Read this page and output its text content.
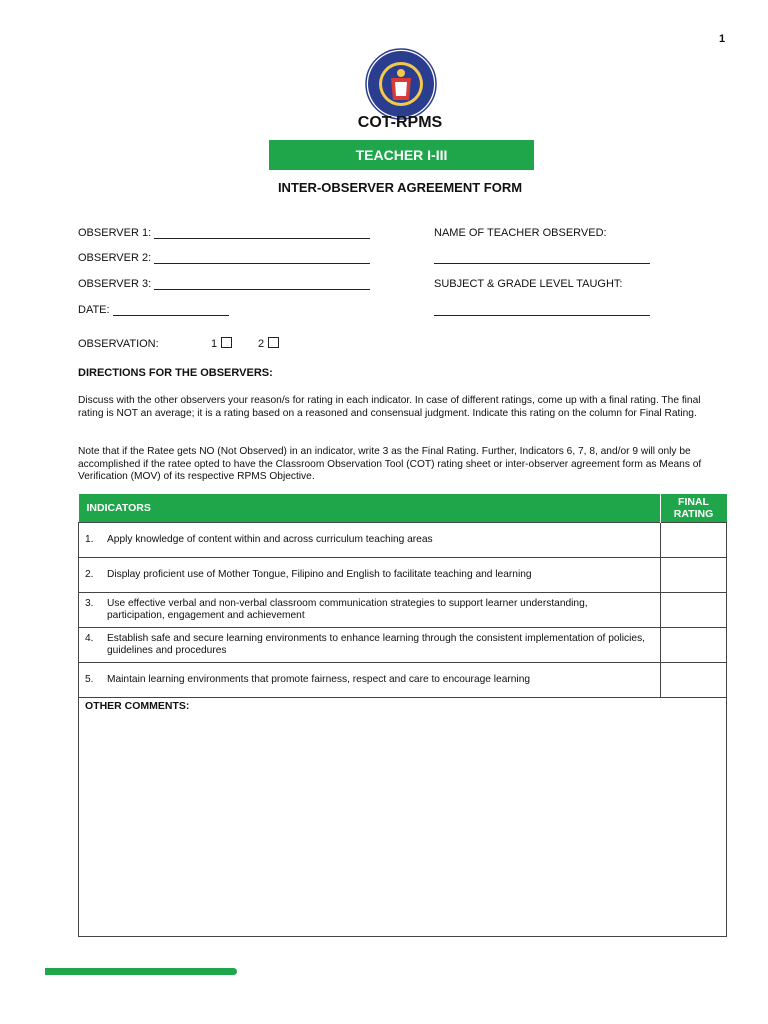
1
COT-RPMS
TEACHER I-III
INTER-OBSERVER AGREEMENT FORM
OBSERVER 1:
OBSERVER 2:
OBSERVER 3:
DATE:
NAME OF TEACHER OBSERVED:
SUBJECT & GRADE LEVEL TAUGHT:
OBSERVATION:	1	2
DIRECTIONS FOR THE OBSERVERS:
Discuss with the other observers your reason/s for rating in each indicator. In case of different ratings, come up with a final rating. The final rating is NOT an average; it is a rating based on a reasoned and consensual judgment. Indicate this rating on the column for Final Rating.
Note that if the Ratee gets NO (Not Observed) in an indicator, write 3 as the Final Rating. Further, Indicators 6, 7, 8, and/or 9 will only be accomplished if the ratee opted to have the Classroom Observation Tool (COT) rating sheet or inter-observer agreement form as Means of Verification (MOV) of its respective RPMS Objective.
INDICATORS	FINAL RATING
1. Apply knowledge of content within and across curriculum teaching areas	
2. Display proficient use of Mother Tongue, Filipino and English to facilitate teaching and learning	
3. Use effective verbal and non-verbal classroom communication strategies to support learner understanding, participation, engagement and achievement	
4. Establish safe and secure learning environments to enhance learning through the consistent implementation of policies, guidelines and procedures	
5. Maintain learning environments that promote fairness, respect and care to encourage learning	
OTHER COMMENTS:
